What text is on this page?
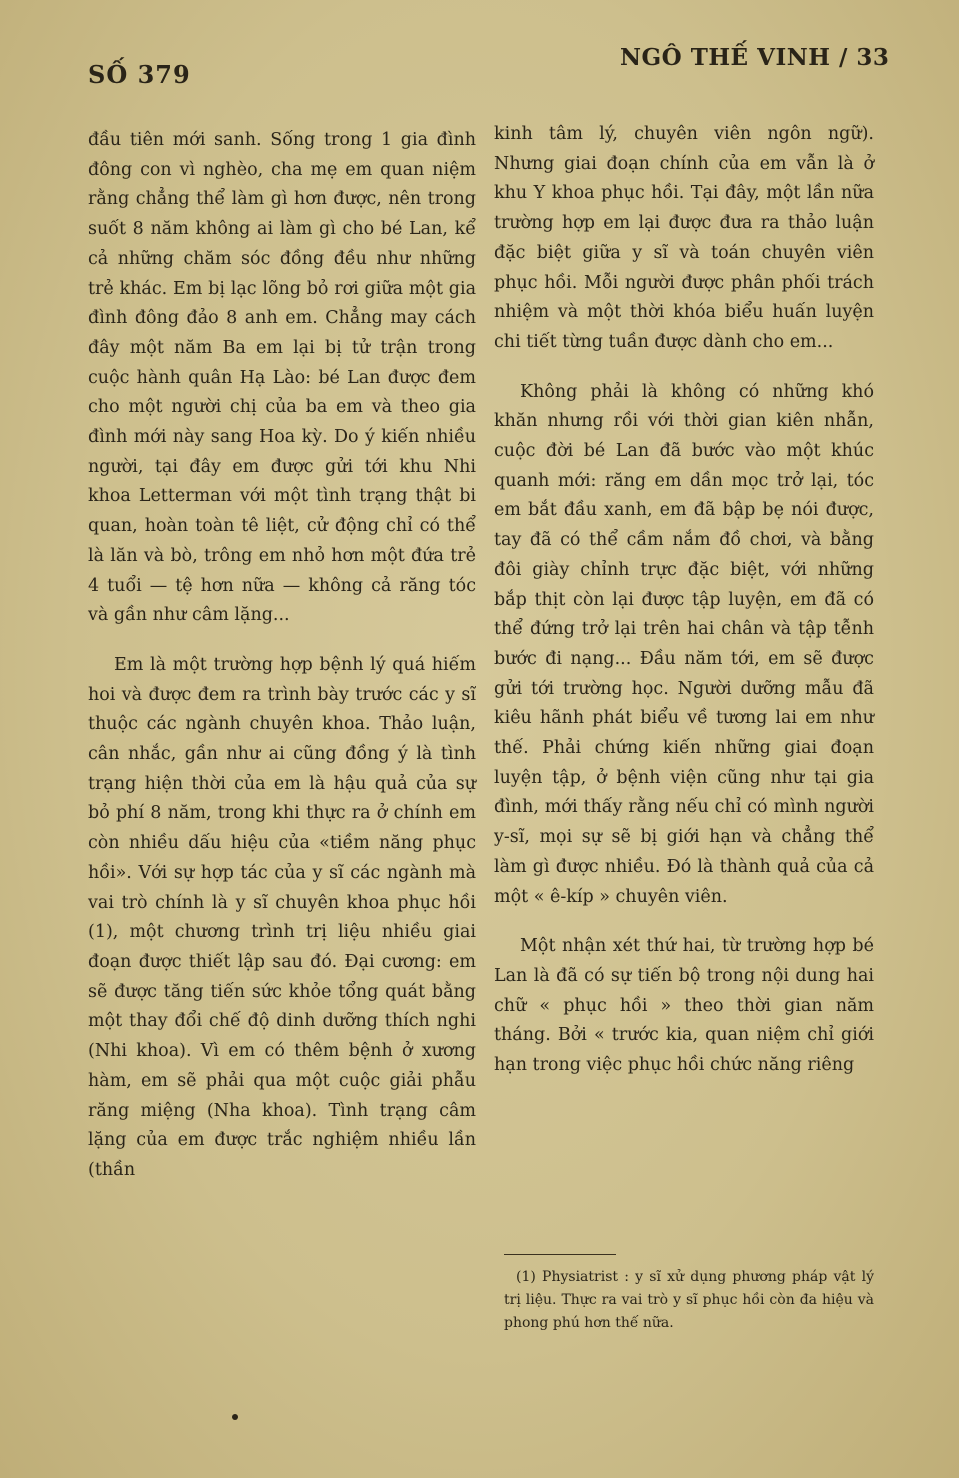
SỐ 379
NGÔ THẾ VINH / 33

đầu tiên mới sanh. Sống trong 1 gia đình đông con vì nghèo, cha mẹ em quan niệm rằng chẳng thể làm gì hơn được, nên trong suốt 8 năm không ai làm gì cho bé Lan, kể cả những chăm sóc đồng đều như những trẻ khác. Em bị lạc lõng bỏ rơi giữa một gia đình đông đảo 8 anh em. Chẳng may cách đây một năm Ba em lại bị tử trận trong cuộc hành quân Hạ Lào: bé Lan được đem cho một người chị của ba em và theo gia đình mới này sang Hoa kỳ. Do ý kiến nhiều người, tại đây em được gửi tới khu Nhi khoa Letterman với một tình trạng thật bi quan, hoàn toàn tê liệt, cử động chỉ có thể là lăn và bò, trông em nhỏ hơn một đứa trẻ 4 tuổi — tệ hơn nữa — không cả răng tóc và gần như câm lặng...

Em là một trường hợp bệnh lý quá hiếm hoi và được đem ra trình bày trước các y sĩ thuộc các ngành chuyên khoa. Thảo luận, cân nhắc, gần như ai cũng đồng ý là tình trạng hiện thời của em là hậu quả của sự bỏ phí 8 năm, trong khi thực ra ở chính em còn nhiều dấu hiệu của «tiềm năng phục hồi». Với sự hợp tác của y sĩ các ngành mà vai trò chính là y sĩ chuyên khoa phục hồi (1), một chương trình trị liệu nhiều giai đoạn được thiết lập sau đó. Đại cương: em sẽ được tăng tiến sức khỏe tổng quát bằng một thay đổi chế độ dinh dưỡng thích nghi (Nhi khoa). Vì em có thêm bệnh ở xương hàm, em sẽ phải qua một cuộc giải phẫu răng miệng (Nha khoa). Tình trạng câm lặng của em được trắc nghiệm nhiều lần (thần

kinh tâm lý, chuyên viên ngôn ngữ). Nhưng giai đoạn chính của em vẫn là ở khu Y khoa phục hồi. Tại đây, một lần nữa trường hợp em lại được đưa ra thảo luận đặc biệt giữa y sĩ và toán chuyên viên phục hồi. Mỗi người được phân phối trách nhiệm và một thời khóa biểu huấn luyện chi tiết từng tuần được dành cho em...

Không phải là không có những khó khăn nhưng rồi với thời gian kiên nhẫn, cuộc đời bé Lan đã bước vào một khúc quanh mới: răng em dần mọc trở lại, tóc em bắt đầu xanh, em đã bập bẹ nói được, tay đã có thể cầm nắm đồ chơi, và bằng đôi giày chỉnh trực đặc biệt, với những bắp thịt còn lại được tập luyện, em đã có thể đứng trở lại trên hai chân và tập tễnh bước đi nạng... Đầu năm tới, em sẽ được gửi tới trường học. Người dưỡng mẫu đã kiêu hãnh phát biểu về tương lai em như thế. Phải chứng kiến những giai đoạn luyện tập, ở bệnh viện cũng như tại gia đình, mới thấy rằng nếu chỉ có mình người y-sĩ, mọi sự sẽ bị giới hạn và chẳng thể làm gì được nhiều. Đó là thành quả của cả một « ê-kíp » chuyên viên.

Một nhận xét thứ hai, từ trường hợp bé Lan là đã có sự tiến bộ trong nội dung hai chữ « phục hồi » theo thời gian năm tháng. Bởi « trước kia, quan niệm chỉ giới hạn trong việc phục hồi chức năng riêng

(1) Physiatrist : y sĩ xử dụng phương pháp vật lý trị liệu. Thực ra vai trò y sĩ phục hồi còn đa hiệu và phong phú hơn thế nữa.
